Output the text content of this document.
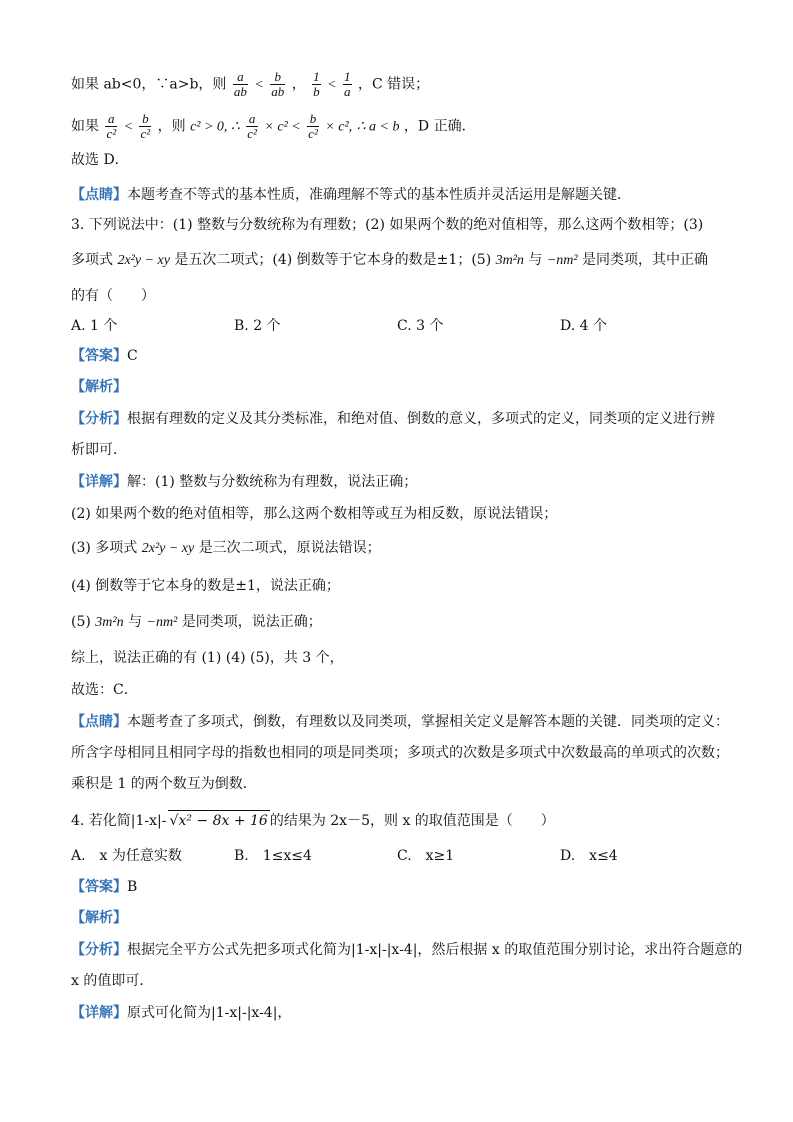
如果 ab<0，∵a>b，则 $\frac{a}{ab} < \frac{b}{ab}$ ， $\frac{1}{b} < \frac{1}{a}$ ，C 错误；
如果 $\frac{a}{\text{c²}} < \frac{b}{\text{c²}}$ ，则 c² > 0, ∴ $\frac{a}{\text{c²}} \times c^2 < \frac{b}{\text{c²}} \times c^2$, ∴ a < b ，D 正确．
故选 D．
【点睛】本题考查不等式的基本性质，准确理解不等式的基本性质并灵活运用是解题关键．
3. 下列说法中：(1) 整数与分数统称为有理数；(2) 如果两个数的绝对值相等，那么这两个数相等；(3)
多项式 2x²y − xy 是五次二项式；(4) 倒数等于它本身的数是±1；(5) 3m²n 与 −nm² 是同类项，其中正确
的有（　　）
A. 1 个	B. 2 个	C. 3 个	D. 4 个
【答案】C
【解析】
【分析】根据有理数的定义及其分类标准，和绝对值、倒数的意义，多项式的定义，同类项的定义进行辨
析即可．
【详解】解：(1) 整数与分数统称为有理数，说法正确；
(2) 如果两个数的绝对值相等，那么这两个数相等或互为相反数，原说法错误；
(3) 多项式 2x²y − xy 是三次二项式，原说法错误；
(4) 倒数等于它本身的数是±1，说法正确；
(5) 3m²n 与 −nm² 是同类项，说法正确；
综上，说法正确的有 (1) (4) (5)，共 3 个，
故选：C．
【点睛】本题考查了多项式，倒数，有理数以及同类项，掌握相关定义是解答本题的关键．同类项的定义：
所含字母相同且相同字母的指数也相同的项是同类项；多项式的次数是多项式中次数最高的单项式的次数；
乘积是 1 的两个数互为倒数．
4. 若化简|1-x|- √x² − 8x + 16 的结果为 2x－5，则 x 的取值范围是（　　）
A.　x 为任意实数	B.　1≤x≤4	C.　x≥1	D.　x≤4
【答案】B
【解析】
【分析】根据完全平方公式先把多项式化简为|1-x|-|x-4|，然后根据 x 的取值范围分别讨论，求出符合题意的
x 的值即可．
【详解】原式可化简为|1-x|-|x-4|，
